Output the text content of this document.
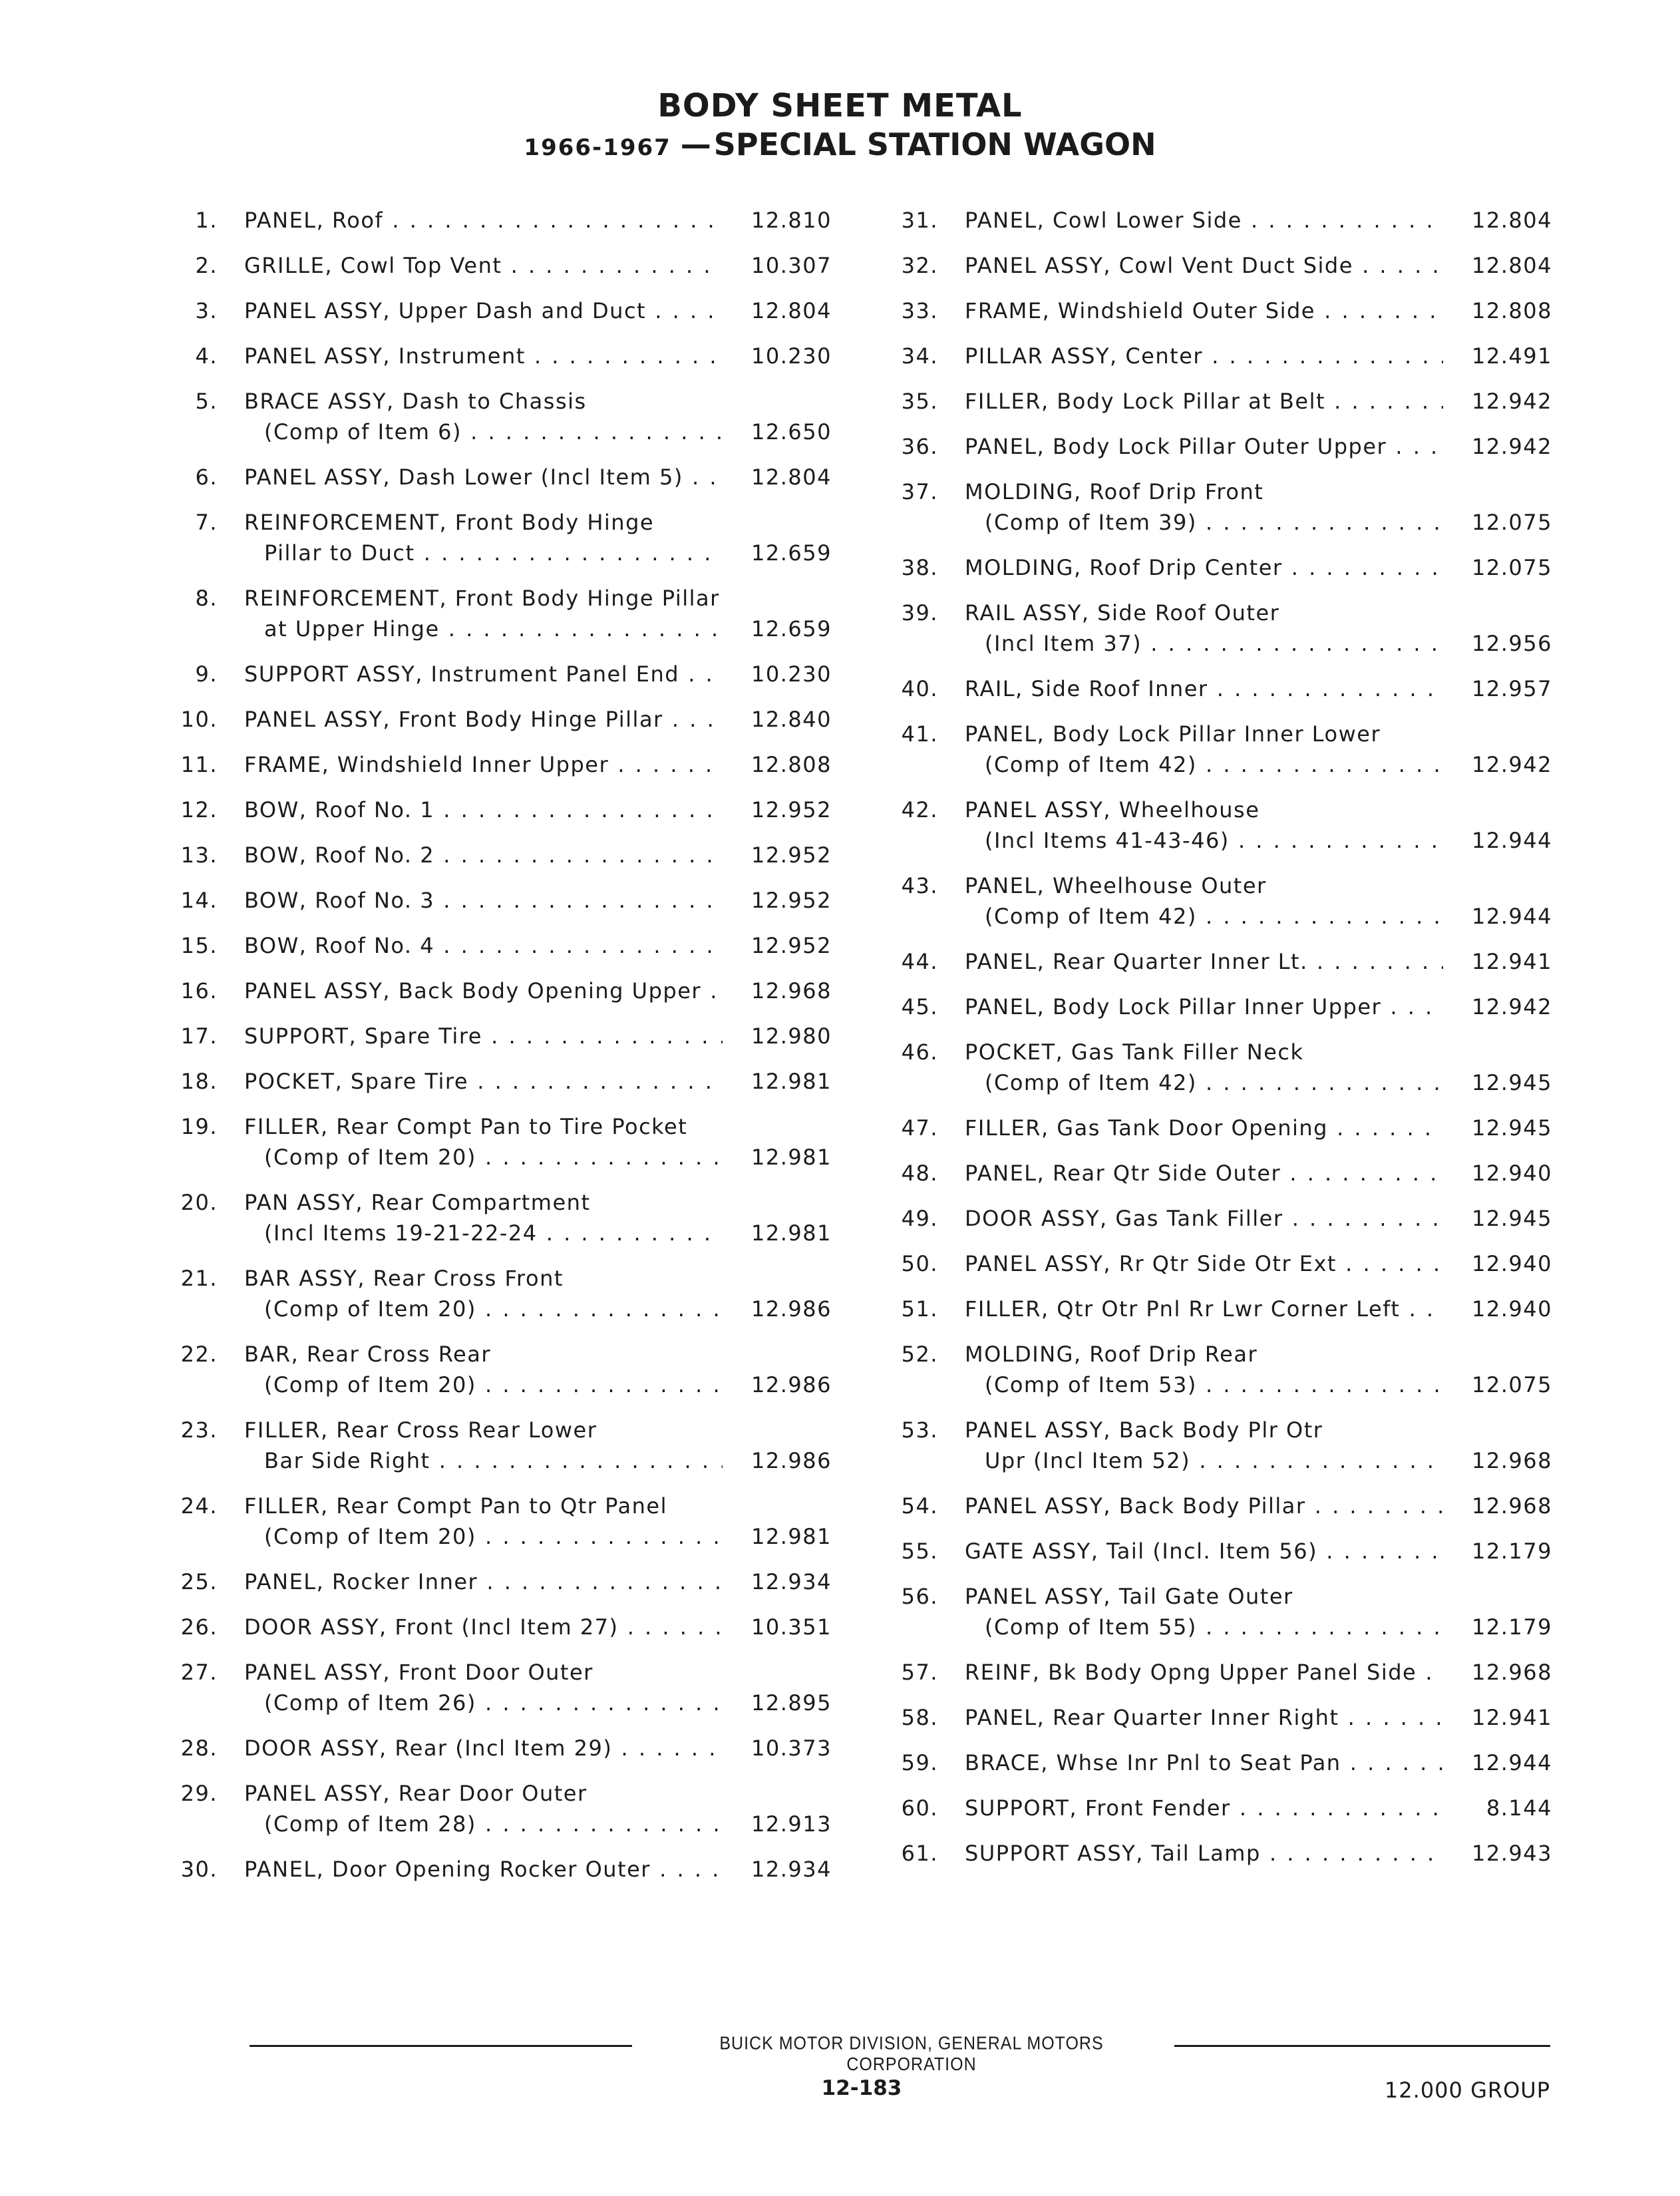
BODY SHEET METAL
1966-1967 —SPECIAL STATION WAGON
1.	PANEL, Roof . . .	12.810
2.	GRILLE, Cowl Top Vent . . .	10.307
3.	PANEL ASSY, Upper Dash and Duct . . .	12.804
4.	PANEL ASSY, Instrument . . .	10.230
5.	BRACE ASSY, Dash to Chassis
(Comp of Item 6) . . .	12.650
6.	PANEL ASSY, Dash Lower (Incl Item 5) . . .	12.804
7.	REINFORCEMENT, Front Body Hinge
Pillar to Duct . . .	12.659
8.	REINFORCEMENT, Front Body Hinge Pillar
at Upper Hinge . . .	12.659
9.	SUPPORT ASSY, Instrument Panel End . . .	10.230
10.	PANEL ASSY, Front Body Hinge Pillar . . .	12.840
11.	FRAME, Windshield Inner Upper . . .	12.808
12.	BOW, Roof No. 1 . . .	12.952
13.	BOW, Roof No. 2 . . .	12.952
14.	BOW, Roof No. 3 . . .	12.952
15.	BOW, Roof No. 4 . . .	12.952
16.	PANEL ASSY, Back Body Opening Upper . . .	12.968
17.	SUPPORT, Spare Tire . . .	12.980
18.	POCKET, Spare Tire . . .	12.981
19.	FILLER, Rear Compt Pan to Tire Pocket
(Comp of Item 20) . . .	12.981
20.	PAN ASSY, Rear Compartment
(Incl Items 19-21-22-24 . . .	12.981
21.	BAR ASSY, Rear Cross Front
(Comp of Item 20) . . .	12.986
22.	BAR, Rear Cross Rear
(Comp of Item 20) . . .	12.986
23.	FILLER, Rear Cross Rear Lower
Bar Side Right . . .	12.986
24.	FILLER, Rear Compt Pan to Qtr Panel
(Comp of Item 20) . . .	12.981
25.	PANEL, Rocker Inner . . .	12.934
26.	DOOR ASSY, Front (Incl Item 27) . . .	10.351
27.	PANEL ASSY, Front Door Outer
(Comp of Item 26) . . .	12.895
28.	DOOR ASSY, Rear (Incl Item 29) . . .	10.373
29.	PANEL ASSY, Rear Door Outer
(Comp of Item 28) . . .	12.913
30.	PANEL, Door Opening Rocker Outer . . .	12.934
31.	PANEL, Cowl Lower Side . . .	12.804
32.	PANEL ASSY, Cowl Vent Duct Side . . .	12.804
33.	FRAME, Windshield Outer Side . . .	12.808
34.	PILLAR ASSY, Center . . .	12.491
35.	FILLER, Body Lock Pillar at Belt . . .	12.942
36.	PANEL, Body Lock Pillar Outer Upper . . .	12.942
37.	MOLDING, Roof Drip Front
(Comp of Item 39) . . .	12.075
38.	MOLDING, Roof Drip Center . . .	12.075
39.	RAIL ASSY, Side Roof Outer
(Incl Item 37) . . .	12.956
40.	RAIL, Side Roof Inner . . .	12.957
41.	PANEL, Body Lock Pillar Inner Lower
(Comp of Item 42) . . .	12.942
42.	PANEL ASSY, Wheelhouse
(Incl Items 41-43-46) . . .	12.944
43.	PANEL, Wheelhouse Outer
(Comp of Item 42) . . .	12.944
44.	PANEL, Rear Quarter Inner Lt. . . .	12.941
45.	PANEL, Body Lock Pillar Inner Upper . . .	12.942
46.	POCKET, Gas Tank Filler Neck
(Comp of Item 42) . . .	12.945
47.	FILLER, Gas Tank Door Opening . . .	12.945
48.	PANEL, Rear Qtr Side Outer . . .	12.940
49.	DOOR ASSY, Gas Tank Filler . . .	12.945
50.	PANEL ASSY, Rr Qtr Side Otr Ext . . .	12.940
51.	FILLER, Qtr Otr Pnl Rr Lwr Corner Left . . .	12.940
52.	MOLDING, Roof Drip Rear
(Comp of Item 53) . . .	12.075
53.	PANEL ASSY, Back Body Plr Otr
Upr (Incl Item 52) . . .	12.968
54.	PANEL ASSY, Back Body Pillar . . .	12.968
55.	GATE ASSY, Tail (Incl. Item 56) . . .	12.179
56.	PANEL ASSY, Tail Gate Outer
(Comp of Item 55) . . .	12.179
57.	REINF, Bk Body Opng Upper Panel Side . . .	12.968
58.	PANEL, Rear Quarter Inner Right . . .	12.941
59.	BRACE, Whse Inr Pnl to Seat Pan . . .	12.944
60.	SUPPORT, Front Fender . . .	8.144
61.	SUPPORT ASSY, Tail Lamp . . .	12.943
BUICK MOTOR DIVISION, GENERAL MOTORS CORPORATION
12-183	12.000 GROUP
